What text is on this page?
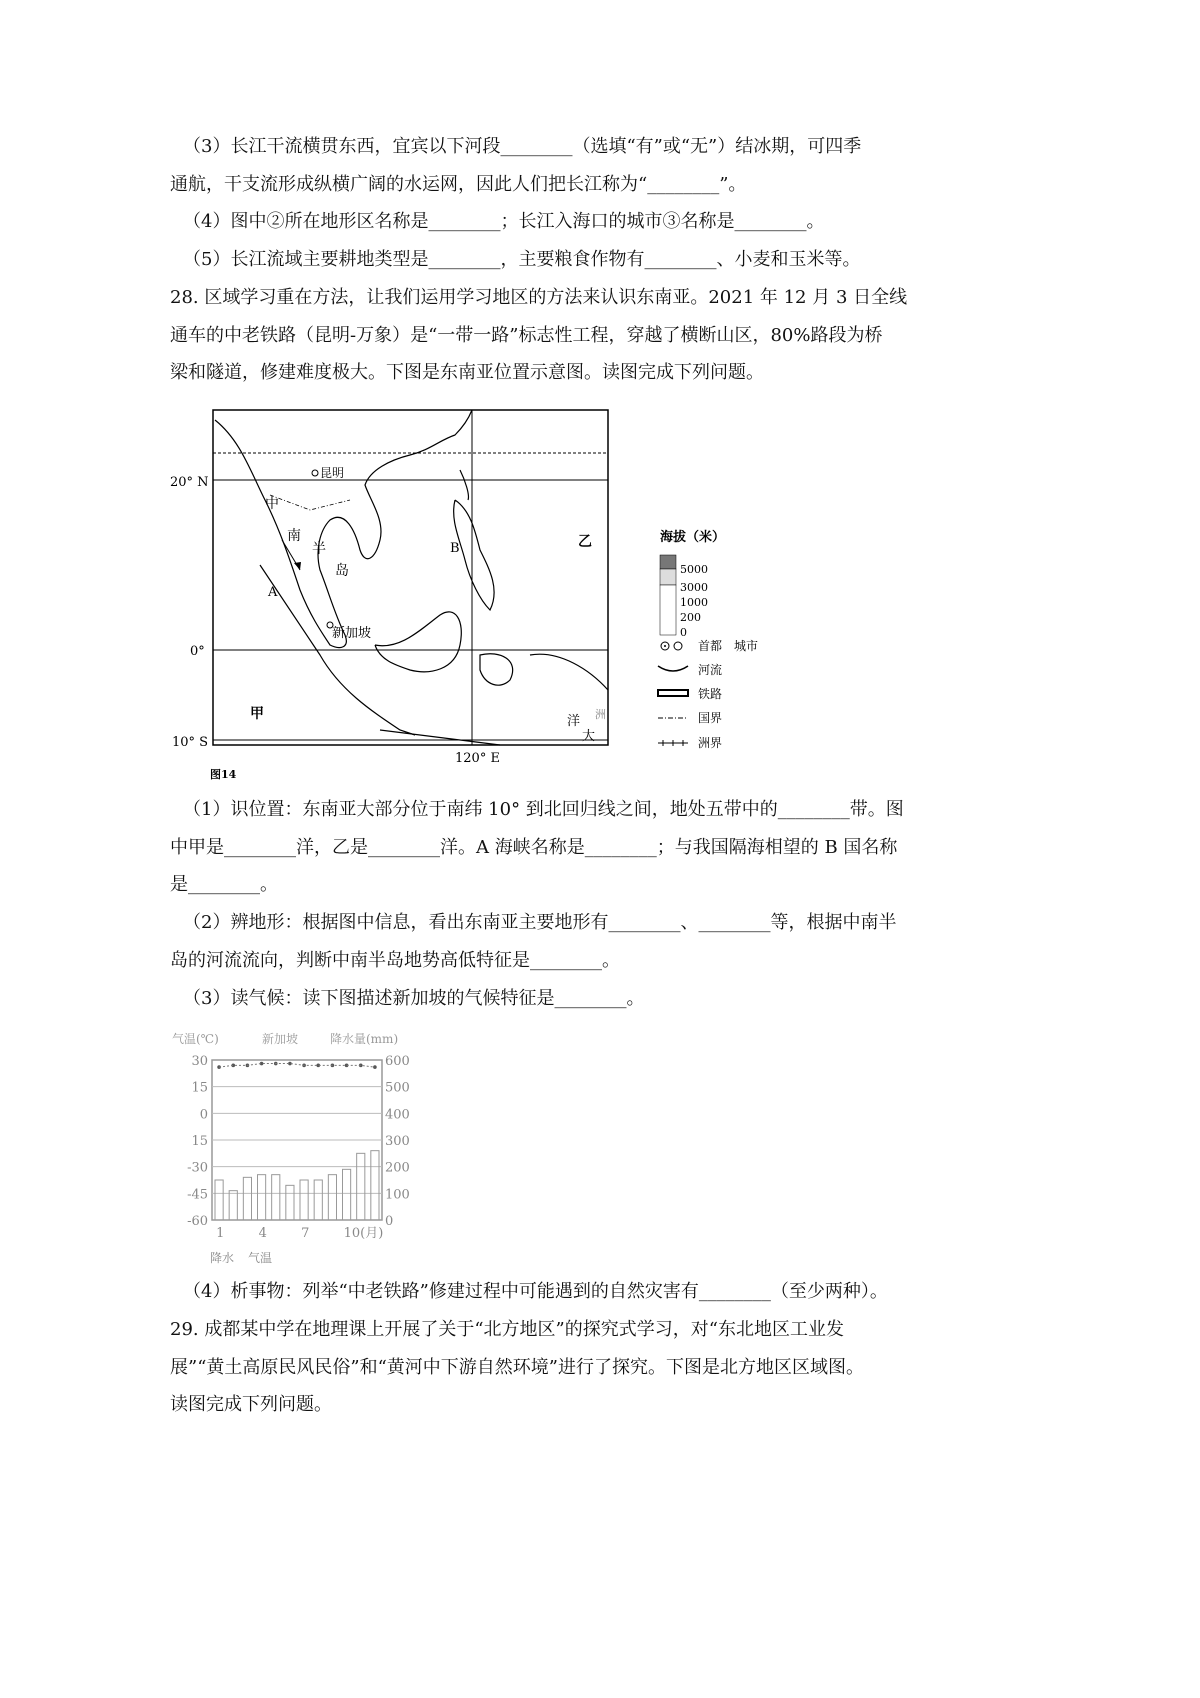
（3）长江干流横贯东西，宜宾以下河段________（选填“有”或“无”）结冰期，可四季
通航，干支流形成纵横广阔的水运网，因此人们把长江称为“________”。
（4）图中②所在地形区名称是________；长江入海口的城市③名称是________。
（5）长江流域主要耕地类型是________，主要粮食作物有________、小麦和玉米等。
28. 区域学习重在方法，让我们运用学习地区的方法来认识东南亚。2021 年 12 月 3 日全线
通车的中老铁路（昆明-万象）是“一带一路”标志性工程，穿越了横断山区，80%路段为桥
梁和隧道，修建难度极大。下图是东南亚位置示意图。读图完成下列问题。
昆明
新加坡
中
南
半
岛
甲
乙
A
B
洋
大
洲
20° N
0°
10° S
120° E
图14
海拔（米）
5000
3000
1000
200
0
首都　城市
河流
铁路
国界
洲界
（1）识位置：东南亚大部分位于南纬 10° 到北回归线之间，地处五带中的________带。图
中甲是________洋，乙是________洋。A 海峡名称是________；与我国隔海相望的 B 国名称
是________。
（2）辨地形：根据图中信息，看出东南亚主要地形有________、________等，根据中南半
岛的河流流向，判断中南半岛地势高低特征是________。
（3）读气候：读下图描述新加坡的气候特征是________。
气温(℃)	新加坡	降水量(mm)
30	600
15	500
0	400
15	300
-30	200
-45	100
-60	0
1	4	7	10(月)
降水 气温
（4）析事物：列举“中老铁路”修建过程中可能遇到的自然灾害有________（至少两种）。
29. 成都某中学在地理课上开展了关于“北方地区”的探究式学习，对“东北地区工业发
展”“黄土高原民风民俗”和“黄河中下游自然环境”进行了探究。下图是北方地区区域图。
读图完成下列问题。
